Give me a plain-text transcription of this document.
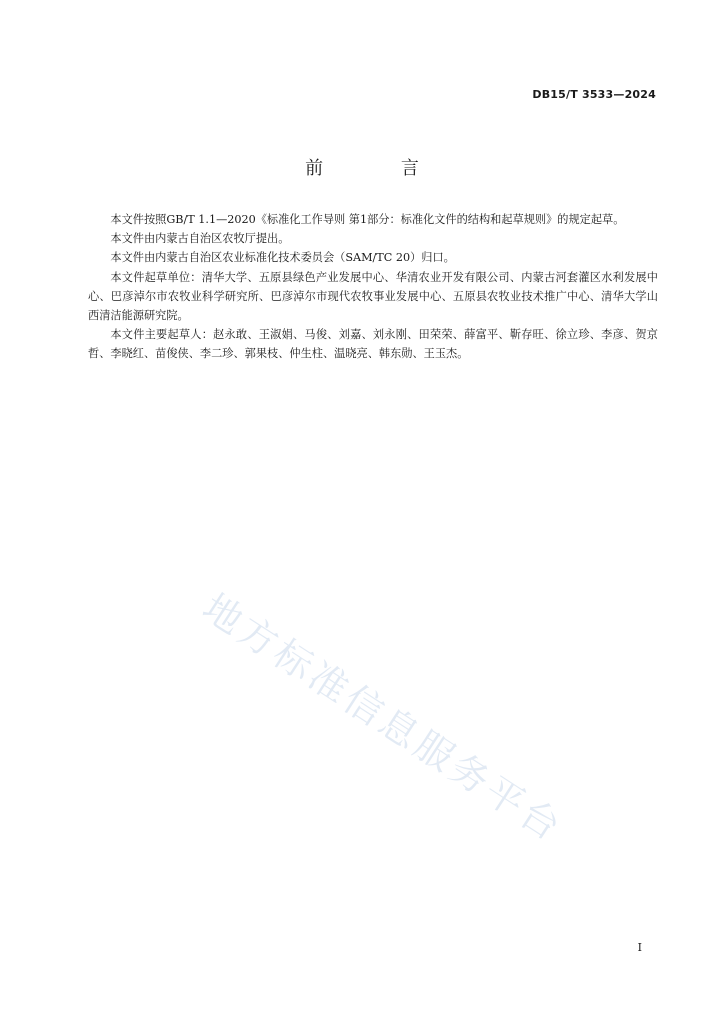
DB15/T 3533—2024
前 言

本文件按照GB/T 1.1—2020《标准化工作导则 第1部分：标准化文件的结构和起草规则》的规定起草。

本文件由内蒙古自治区农牧厅提出。

本文件由内蒙古自治区农业标准化技术委员会（SAM/TC 20）归口。

本文件起草单位：清华大学、五原县绿色产业发展中心、华清农业开发有限公司、内蒙古河套灌区水利发展中心、巴彦淖尔市农牧业科学研究所、巴彦淖尔市现代农牧事业发展中心、五原县农牧业技术推广中心、清华大学山西清洁能源研究院。

本文件主要起草人：赵永敢、王淑娟、马俊、刘嘉、刘永刚、田荣荣、薛富平、靳存旺、徐立珍、李彦、贺京哲、李晓红、苗俊侠、李二珍、郭果枝、仲生柱、温晓亮、韩东勋、王玉杰。

地方标准信息服务平台
I
